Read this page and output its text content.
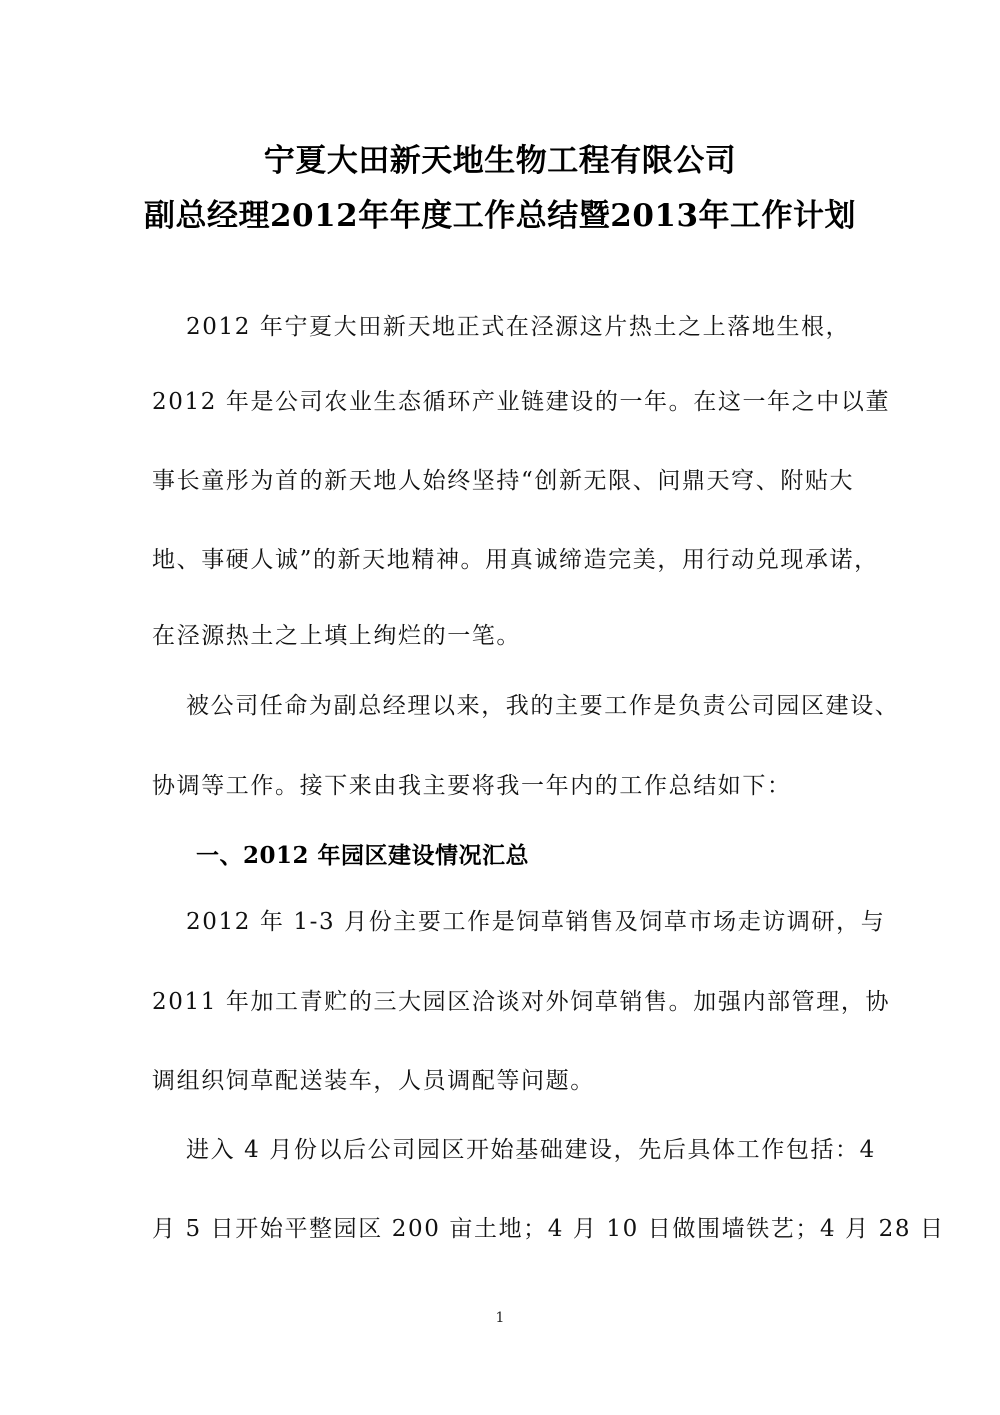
宁夏大田新天地生物工程有限公司
副总经理2012年年度工作总结暨2013年工作计划
2012 年宁夏大田新天地正式在泾源这片热土之上落地生根，
2012 年是公司农业生态循环产业链建设的一年。在这一年之中以董
事长童彤为首的新天地人始终坚持“创新无限、问鼎天穹、附贴大
地、事硬人诚”的新天地精神。用真诚缔造完美，用行动兑现承诺，
在泾源热土之上填上绚烂的一笔。
被公司任命为副总经理以来，我的主要工作是负责公司园区建设、
协调等工作。接下来由我主要将我一年内的工作总结如下：
一、2012 年园区建设情况汇总
2012 年 1-3 月份主要工作是饲草销售及饲草市场走访调研，与
2011 年加工青贮的三大园区洽谈对外饲草销售。加强内部管理，协
调组织饲草配送装车，人员调配等问题。
进入 4 月份以后公司园区开始基础建设，先后具体工作包括：4
月 5 日开始平整园区 200 亩土地；4 月 10 日做围墙铁艺；4 月 28 日
1
